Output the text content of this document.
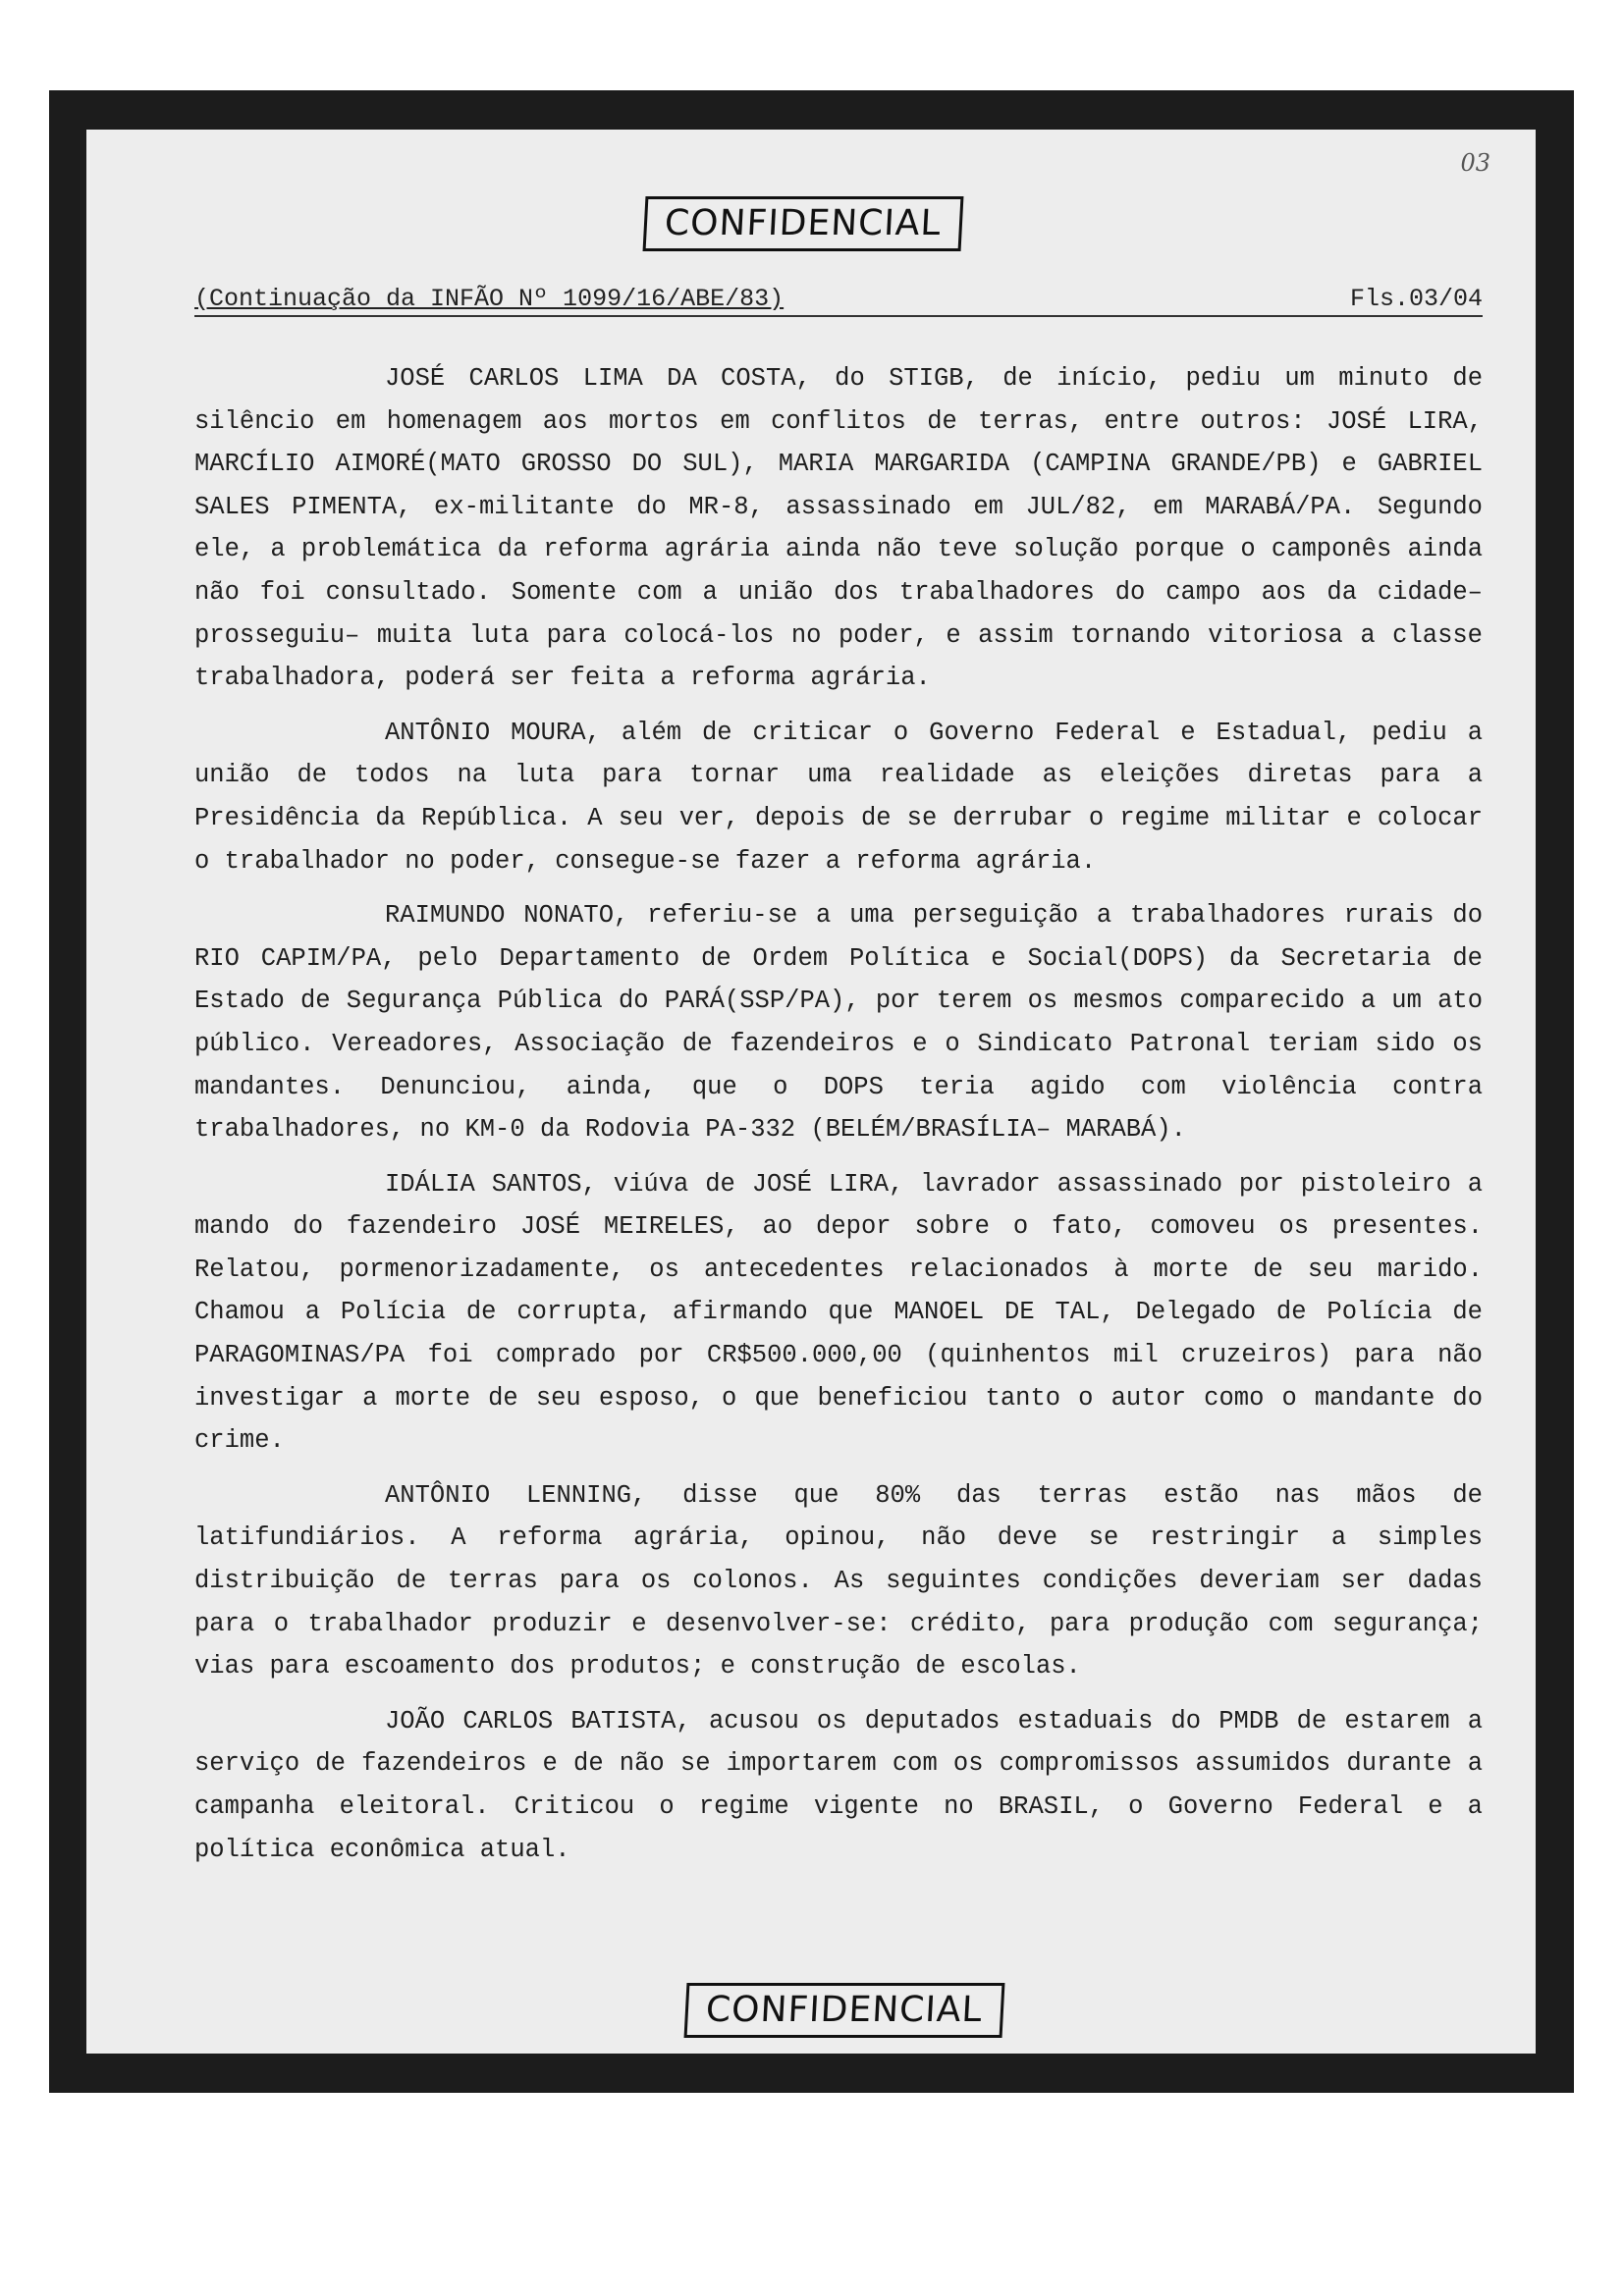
03
CONFIDENCIAL
(Continuação da INFÃO Nº 1099/16/ABE/83)	Fls.03/04

JOSÉ CARLOS LIMA DA COSTA, do STIGB, de início, pediu um minuto de silêncio em homenagem aos mortos em conflitos de terras, entre outros: JOSÉ LIRA, MARCÍLIO AIMORÉ(MATO GROSSO DO SUL), MARIA MARGARIDA (CAMPINA GRANDE/PB) e GABRIEL SALES PIMENTA, ex-militante do MR-8, assassinado em JUL/82, em MARABÁ/PA. Segundo ele, a problemática da reforma agrária ainda não teve solução porque o camponês ainda não foi consultado. Somente com a união dos trabalhadores do campo aos da cidade– prosseguiu– muita luta para colocá-los no poder, e assim tornando vitoriosa a classe trabalhadora, poderá ser feita a reforma agrária.

ANTÔNIO MOURA, além de criticar o Governo Federal e Estadual, pediu a união de todos na luta para tornar uma realidade as eleições diretas para a Presidência da República. A seu ver, depois de se derrubar o regime militar e colocar o trabalhador no poder, consegue-se fazer a reforma agrária.

RAIMUNDO NONATO, referiu-se a uma perseguição a trabalhadores rurais do RIO CAPIM/PA, pelo Departamento de Ordem Política e Social(DOPS) da Secretaria de Estado de Segurança Pública do PARÁ(SSP/PA), por terem os mesmos comparecido a um ato público. Vereadores, Associação de fazendeiros e o Sindicato Patronal teriam sido os mandantes. Denunciou, ainda, que o DOPS teria agido com violência contra trabalhadores, no KM-0 da Rodovia PA-332 (BELÉM/BRASÍLIA– MARABÁ).

IDÁLIA SANTOS, viúva de JOSÉ LIRA, lavrador assassinado por pistoleiro a mando do fazendeiro JOSÉ MEIRELES, ao depor sobre o fato, comoveu os presentes. Relatou, pormenorizadamente, os antecedentes relacionados à morte de seu marido. Chamou a Polícia de corrupta, afirmando que MANOEL DE TAL, Delegado de Polícia de PARAGOMINAS/PA foi comprado por CR$500.000,00 (quinhentos mil cruzeiros) para não investigar a morte de seu esposo, o que beneficiou tanto o autor como o mandante do crime.

ANTÔNIO LENNING, disse que 80% das terras estão nas mãos de latifundiários. A reforma agrária, opinou, não deve se restringir a simples distribuição de terras para os colonos. As seguintes condições deveriam ser dadas para o trabalhador produzir e desenvolver-se: crédito, para produção com segurança; vias para escoamento dos produtos; e construção de escolas.

JOÃO CARLOS BATISTA, acusou os deputados estaduais do PMDB de estarem a serviço de fazendeiros e de não se importarem com os compromissos assumidos durante a campanha eleitoral. Criticou o regime vigente no BRASIL, o Governo Federal e a política econômica atual.

CONFIDENCIAL
